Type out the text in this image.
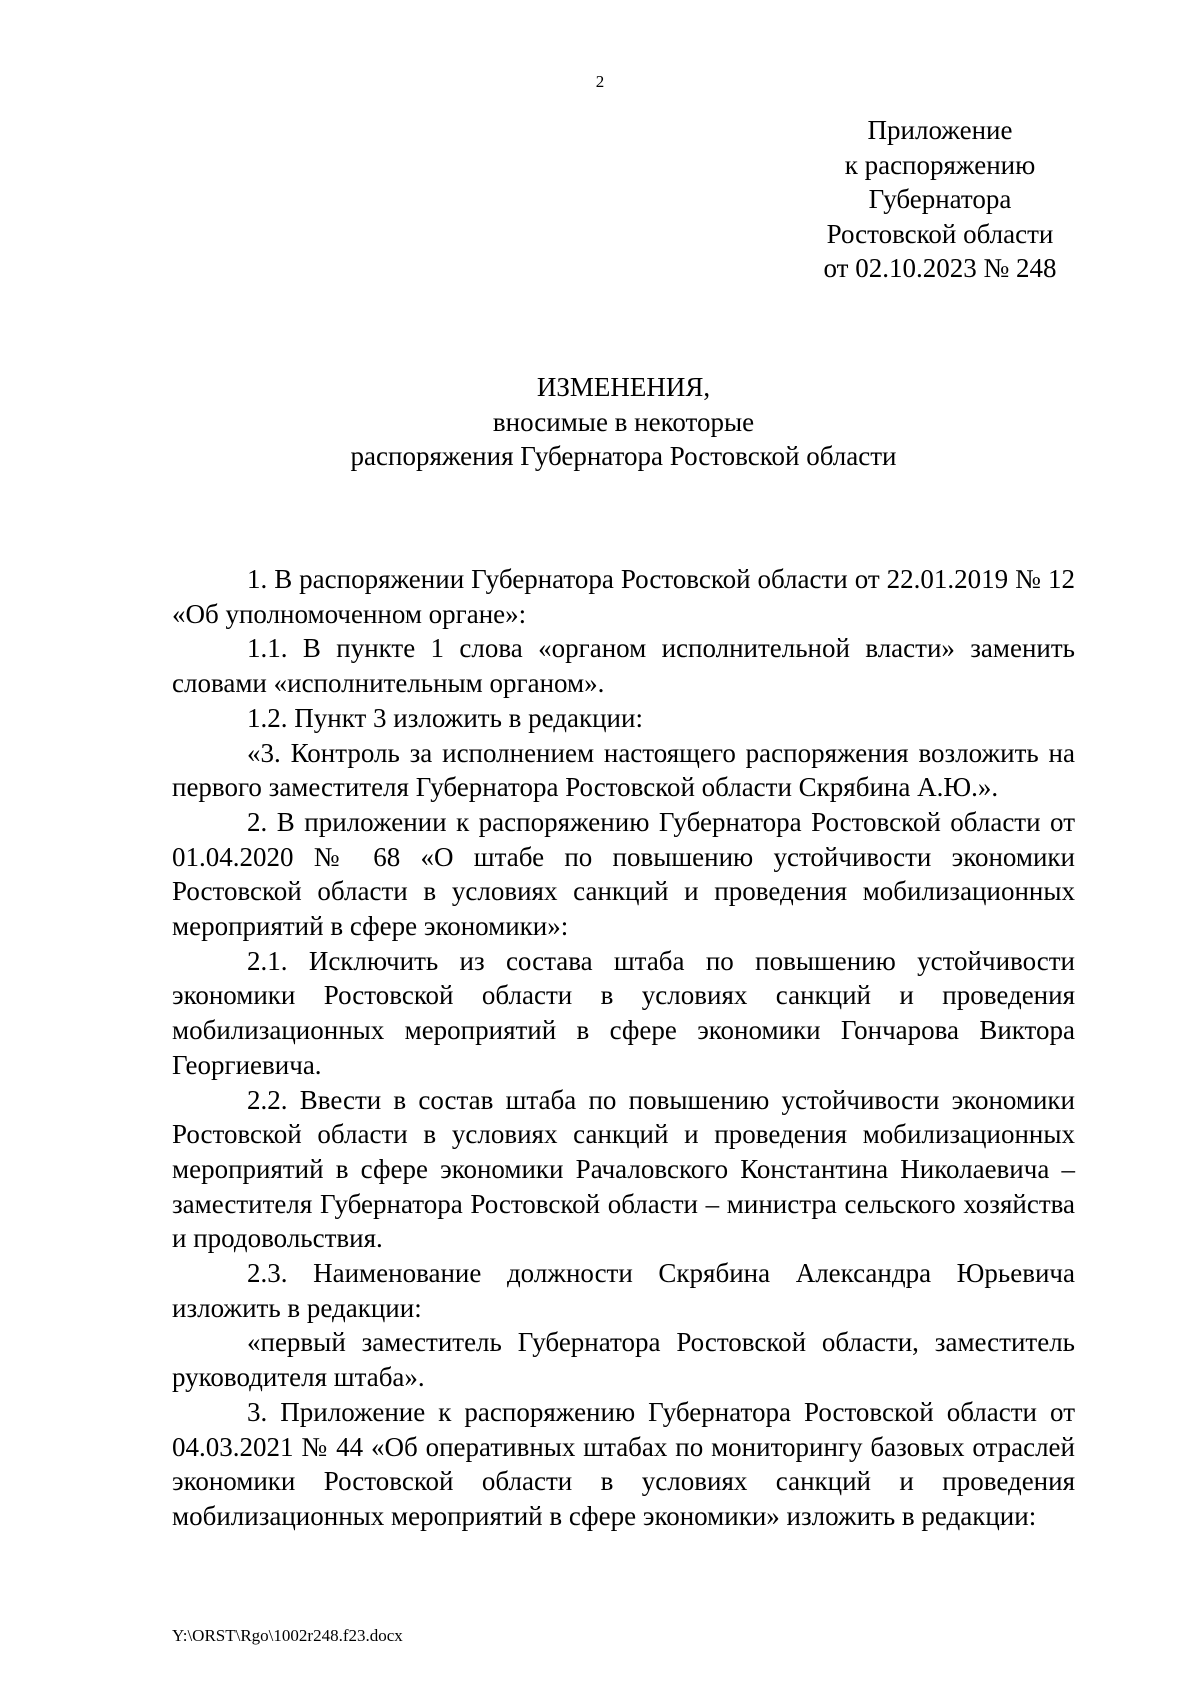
2
Приложение
к распоряжению
Губернатора
Ростовской области
от 02.10.2023 № 248
ИЗМЕНЕНИЯ,
вносимые в некоторые
распоряжения Губернатора Ростовской области

1. В распоряжении Губернатора Ростовской области от 22.01.2019 № 12 «Об уполномоченном органе»:

1.1. В пункте 1 слова «органом исполнительной власти» заменить словами «исполнительным органом».

1.2. Пункт 3 изложить в редакции:

«3. Контроль за исполнением настоящего распоряжения возложить на первого заместителя Губернатора Ростовской области Скрябина А.Ю.».

2. В приложении к распоряжению Губернатора Ростовской области от 01.04.2020 № 68 «О штабе по повышению устойчивости экономики Ростовской области в условиях санкций и проведения мобилизационных мероприятий в сфере экономики»:

2.1. Исключить из состава штаба по повышению устойчивости экономики Ростовской области в условиях санкций и проведения мобилизационных мероприятий в сфере экономики Гончарова Виктора Георгиевича.

2.2. Ввести в состав штаба по повышению устойчивости экономики Ростовской области в условиях санкций и проведения мобилизационных мероприятий в сфере экономики Рачаловского Константина Николаевича – заместителя Губернатора Ростовской области – министра сельского хозяйства и продовольствия.

2.3. Наименование должности Скрябина Александра Юрьевича изложить в редакции:

«первый заместитель Губернатора Ростовской области, заместитель руководителя штаба».

3. Приложение к распоряжению Губернатора Ростовской области от 04.03.2021 № 44 «Об оперативных штабах по мониторингу базовых отраслей экономики Ростовской области в условиях санкций и проведения мобилизационных мероприятий в сфере экономики» изложить в редакции:

Y:\ORST\Rgo\1002r248.f23.docx
